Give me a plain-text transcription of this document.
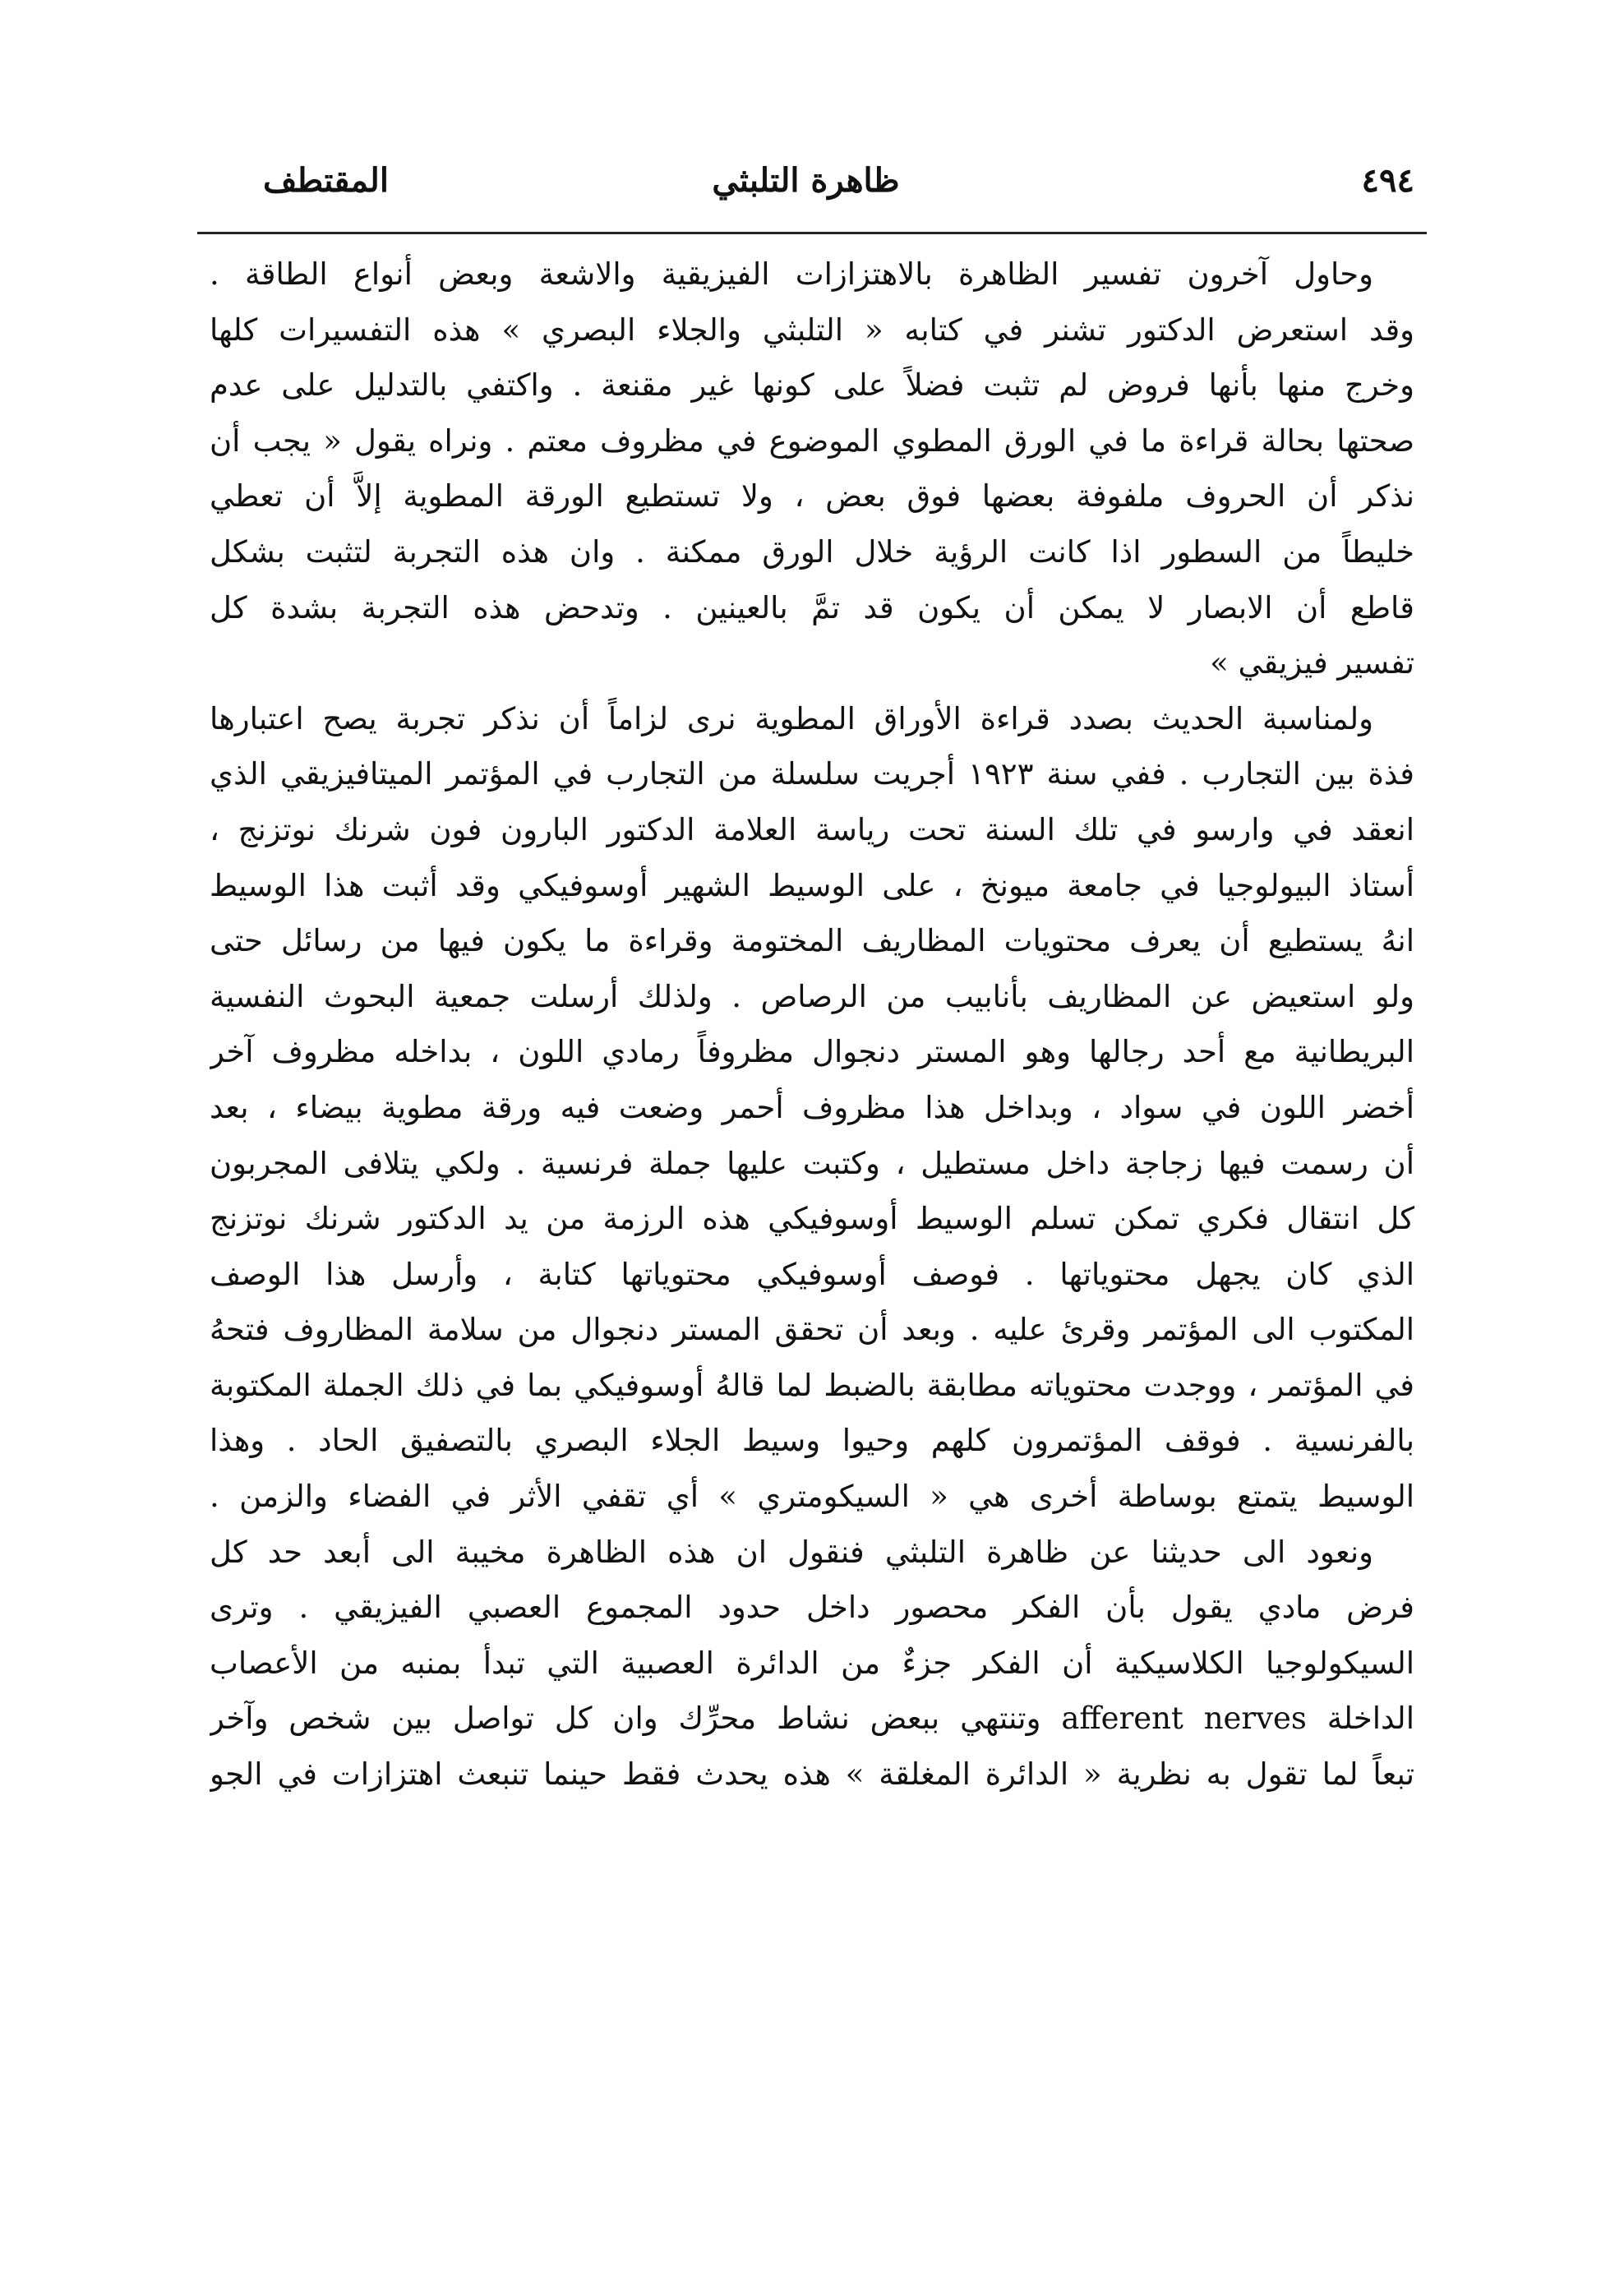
٤٩٤
ظاهرة التلبثي
المقتطف
وحاول آخرون تفسير الظاهرة بالاهتزازات الفيزيقية والاشعة وبعض أنواع الطاقة .
وقد استعرض الدكتور تشنر في كتابه « التلبثي والجلاء البصري » هذه التفسيرات كلها
وخرج منها بأنها فروض لم تثبت فضلاً على كونها غير مقنعة . واكتفي بالتدليل على عدم
صحتها بحالة قراءة ما في الورق المطوي الموضوع في مظروف معتم . ونراه يقول « يجب أن
نذكر أن الحروف ملفوفة بعضها فوق بعض ، ولا تستطيع الورقة المطوية إلاَّ أن تعطي
خليطاً من السطور اذا كانت الرؤية خلال الورق ممكنة . وان هذه التجربة لتثبت بشكل
قاطع أن الابصار لا يمكن أن يكون قد تمَّ بالعينين . وتدحض هذه التجربة بشدة كل
تفسير فيزيقي »
ولمناسبة الحديث بصدد قراءة الأوراق المطوية نرى لزاماً أن نذكر تجربة يصح اعتبارها
فذة بين التجارب . ففي سنة ١٩٢٣ أجريت سلسلة من التجارب في المؤتمر الميتافيزيقي الذي
انعقد في وارسو في تلك السنة تحت رياسة العلامة الدكتور البارون فون شرنك نوتزنج ،
أستاذ البيولوجيا في جامعة ميونخ ، على الوسيط الشهير أوسوفيكي وقد أثبت هذا الوسيط
انهُ يستطيع أن يعرف محتويات المظاريف المختومة وقراءة ما يكون فيها من رسائل حتى
ولو استعيض عن المظاريف بأنابيب من الرصاص . ولذلك أرسلت جمعية البحوث النفسية
البريطانية مع أحد رجالها وهو المستر دنجوال مظروفاً رمادي اللون ، بداخله مظروف آخر
أخضر اللون في سواد ، وبداخل هذا مظروف أحمر وضعت فيه ورقة مطوية بيضاء ، بعد
أن رسمت فيها زجاجة داخل مستطيل ، وكتبت عليها جملة فرنسية . ولكي يتلافى المجربون
كل انتقال فكري تمكن تسلم الوسيط أوسوفيكي هذه الرزمة من يد الدكتور شرنك نوتزنج
الذي كان يجهل محتوياتها . فوصف أوسوفيكي محتوياتها كتابة ، وأرسل هذا الوصف
المكتوب الى المؤتمر وقرئ عليه . وبعد أن تحقق المستر دنجوال من سلامة المظاروف فتحهُ
في المؤتمر ، ووجدت محتوياته مطابقة بالضبط لما قالهُ أوسوفيكي بما في ذلك الجملة المكتوبة
بالفرنسية . فوقف المؤتمرون كلهم وحيوا وسيط الجلاء البصري بالتصفيق الحاد . وهذا
الوسيط يتمتع بوساطة أخرى هي « السيكومتري » أي تقفي الأثر في الفضاء والزمن .
ونعود الى حديثنا عن ظاهرة التلبثي فنقول ان هذه الظاهرة مخيبة الى أبعد حد كل
فرض مادي يقول بأن الفكر محصور داخل حدود المجموع العصبي الفيزيقي . وترى
السيكولوجيا الكلاسيكية أن الفكر جزءٌ من الدائرة العصبية التي تبدأ بمنبه من الأعصاب
الداخلة afferent nerves وتنتهي ببعض نشاط محرِّك وان كل تواصل بين شخص وآخر
تبعاً لما تقول به نظرية « الدائرة المغلقة » هذه يحدث فقط حينما تنبعث اهتزازات في الجو
